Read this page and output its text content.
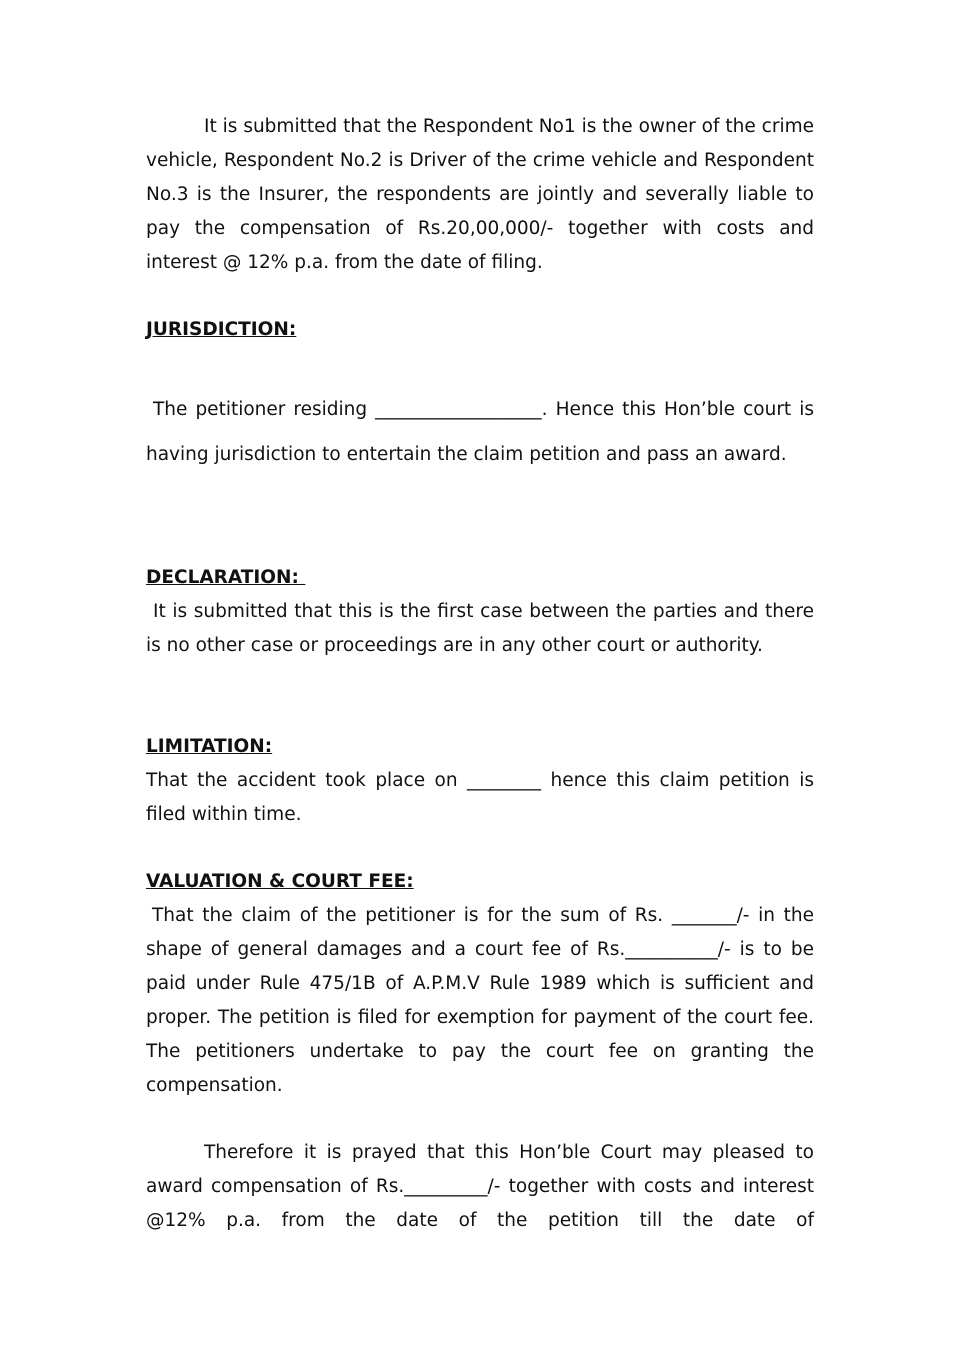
It is submitted that the Respondent No1 is the owner of the crime vehicle, Respondent No.2 is Driver of the crime vehicle and Respondent No.3 is the Insurer, the respondents are jointly and severally liable to pay the compensation of Rs.20,00,000/- together with costs and interest @ 12% p.a. from the date of filing.

JURISDICTION:

The petitioner residing __________________. Hence this Hon’ble court is having jurisdiction to entertain the claim petition and pass an award.

DECLARATION:

It is submitted that this is the first case between the parties and there is no other case or proceedings are in any other court or authority.

LIMITATION:

That the accident took place on ________ hence this claim petition is filed within time.

VALUATION & COURT FEE:

That the claim of the petitioner is for the sum of Rs. _______/- in the shape of general damages and a court fee of Rs.__________/- is to be paid under Rule 475/1B of A.P.M.V Rule 1989 which is sufficient and proper. The petition is filed for exemption for payment of the court fee. The petitioners undertake to pay the court fee on granting the compensation.

Therefore it is prayed that this Hon’ble Court may pleased to award compensation of Rs._________/- together with costs and interest @12% p.a. from the date of the petition till the date of
